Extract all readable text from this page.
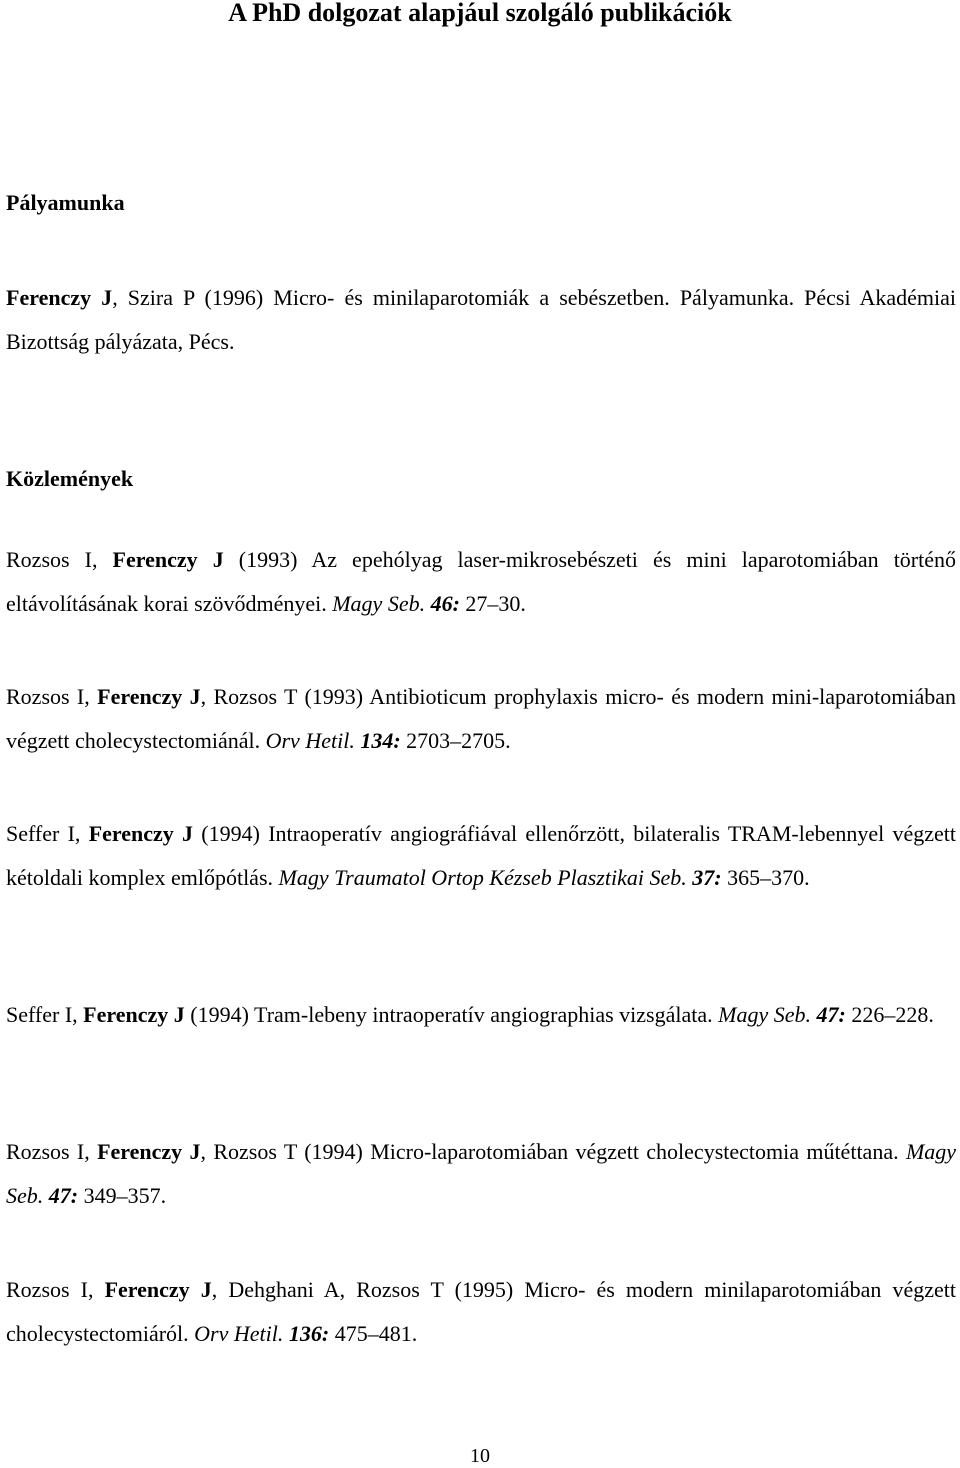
A PhD dolgozat alapjául szolgáló publikációk
Pályamunka

Ferenczy J, Szira P (1996) Micro- és minilaparotomiák a sebészetben. Pályamunka. Pécsi Akadémiai Bizottság pályázata, Pécs.

Közlemények

Rozsos I, Ferenczy J (1993) Az epehólyag laser-mikrosebészeti és mini laparotomiában történő eltávolításának korai szövődményei. Magy Seb. 46: 27–30.

Rozsos I, Ferenczy J, Rozsos T (1993) Antibioticum prophylaxis micro- és modern mini-laparotomiában végzett cholecystectomiánál. Orv Hetil. 134: 2703–2705.

Seffer I, Ferenczy J (1994) Intraoperatív angiográfiával ellenőrzött, bilateralis TRAM-lebennyel végzett kétoldali komplex emlőpótlás. Magy Traumatol Ortop Kézseb Plasztikai Seb. 37: 365–370.

Seffer I, Ferenczy J (1994) Tram-lebeny intraoperatív angiographias vizsgálata. Magy Seb. 47: 226–228.

Rozsos I, Ferenczy J, Rozsos T (1994) Micro-laparotomiában végzett cholecystectomia műtéttana. Magy Seb. 47: 349–357.

Rozsos I, Ferenczy J, Dehghani A, Rozsos T (1995) Micro- és modern minilaparotomiában végzett cholecystectomiáról. Orv Hetil. 136: 475–481.

10
